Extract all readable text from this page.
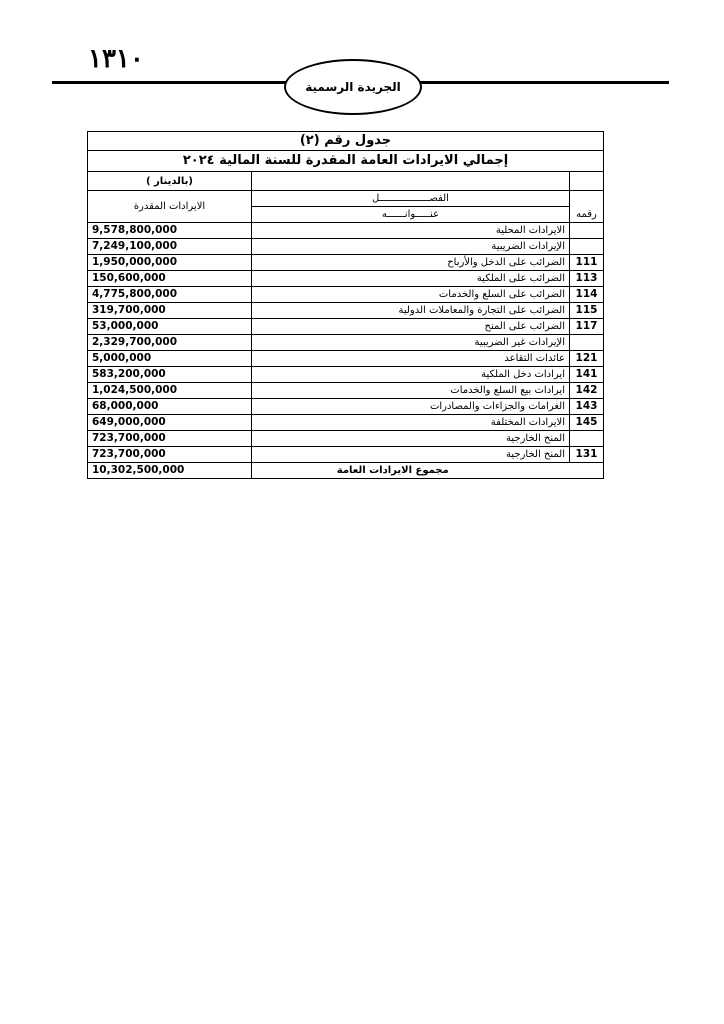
١٣١٠
الجريدة الرسمية
جدول رقم (٢)		
إجمالي الايرادات العامة المقدرة للسنة المالية ٢٠٢٤		
(بالدينار )		
الايرادات المقدرة	الفصـــــــــــــــــل	رقمه
	عنـــــوانــــــه	
9,578,800,000	الايرادات المحلية	
7,249,100,000	الإيرادات الضريبية	
1,950,000,000	الضرائب على الدخل والأرباح	111
150,600,000	الضرائب على الملكية	113
4,775,800,000	الضرائب على السلع والخدمات	114
319,700,000	الضرائب على التجارة والمعاملات الدولية	115
53,000,000	الضرائب على المنح	117
2,329,700,000	الإيرادات غير الضريبية	
5,000,000	عائدات التقاعد	121
583,200,000	ايرادات دخل الملكية	141
1,024,500,000	ايرادات بيع السلع والخدمات	142
68,000,000	الغرامات والجزاءات والمصادرات	143
649,000,000	الايرادات المختلفة	145
723,700,000	المنح الخارجية	
723,700,000	المنح الخارجية	131
10,302,500,000	مجموع الايرادات العامة	
